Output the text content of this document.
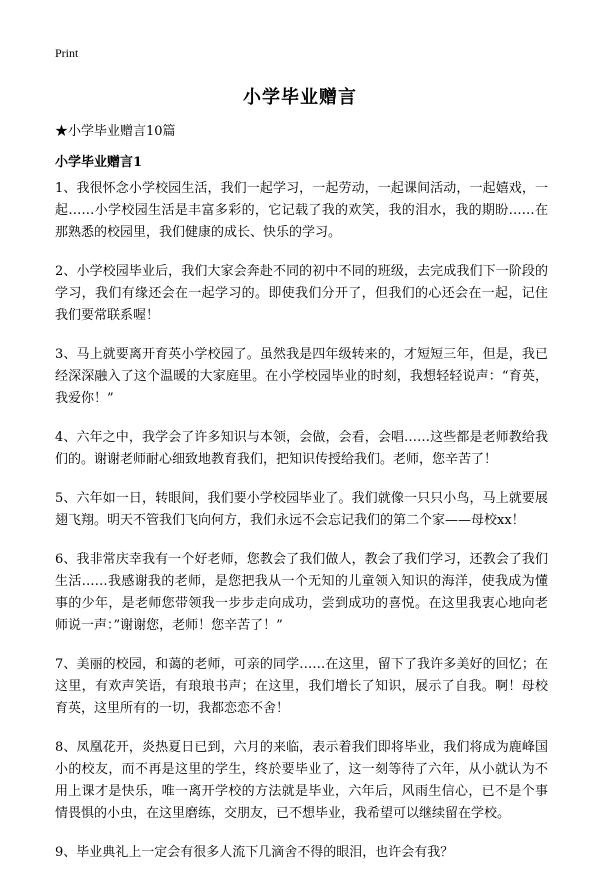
Print
小学毕业赠言
★小学毕业赠言10篇
小学毕业赠言1

1、我很怀念小学校园生活，我们一起学习，一起劳动，一起课间活动，一起嬉戏，一起……小学校园生活是丰富多彩的，它记载了我的欢笑，我的泪水，我的期盼……在那熟悉的校园里，我们健康的成长、快乐的学习。

2、小学校园毕业后，我们大家会奔赴不同的初中不同的班级，去完成我们下一阶段的学习，我们有缘还会在一起学习的。即使我们分开了，但我们的心还会在一起，记住我们要常联系喔！

3、马上就要离开育英小学校园了。虽然我是四年级转来的，才短短三年，但是，我已经深深融入了这个温暖的大家庭里。在小学校园毕业的时刻，我想轻轻说声：“育英，我爱你！”

4、六年之中，我学会了许多知识与本领，会做，会看，会唱……这些都是老师教给我们的。谢谢老师耐心细致地教育我们，把知识传授给我们。老师，您辛苦了！

5、六年如一日，转眼间，我们要小学校园毕业了。我们就像一只只小鸟，马上就要展翅飞翔。明天不管我们飞向何方，我们永远不会忘记我们的第二个家——母校xx！

6、我非常庆幸我有一个好老师，您教会了我们做人，教会了我们学习，还教会了我们生活……我感谢我的老师，是您把我从一个无知的儿童领入知识的海洋，使我成为懂事的少年，是老师您带领我一步步走向成功，尝到成功的喜悦。在这里我衷心地向老师说一声：”谢谢您，老师！您辛苦了！”

7、美丽的校园，和蔼的老师，可亲的同学……在这里，留下了我许多美好的回忆；在这里，有欢声笑语，有琅琅书声；在这里，我们增长了知识，展示了自我。啊！母校育英，这里所有的一切，我都恋恋不舍！

8、凤凰花开，炎热夏日已到，六月的来临，表示着我们即将毕业，我们将成为鹿峰国小的校友，而不再是这里的学生，终於要毕业了，这一刻等待了六年，从小就认为不用上课才是快乐，唯一离开学校的方法就是毕业，六年后，风雨生信心，已不是个事情畏惧的小虫，在这里磨练，交朋友，已不想毕业，我希望可以继续留在学校。

9、毕业典礼上一定会有很多人流下几滴舍不得的眼泪，也许会有我？
